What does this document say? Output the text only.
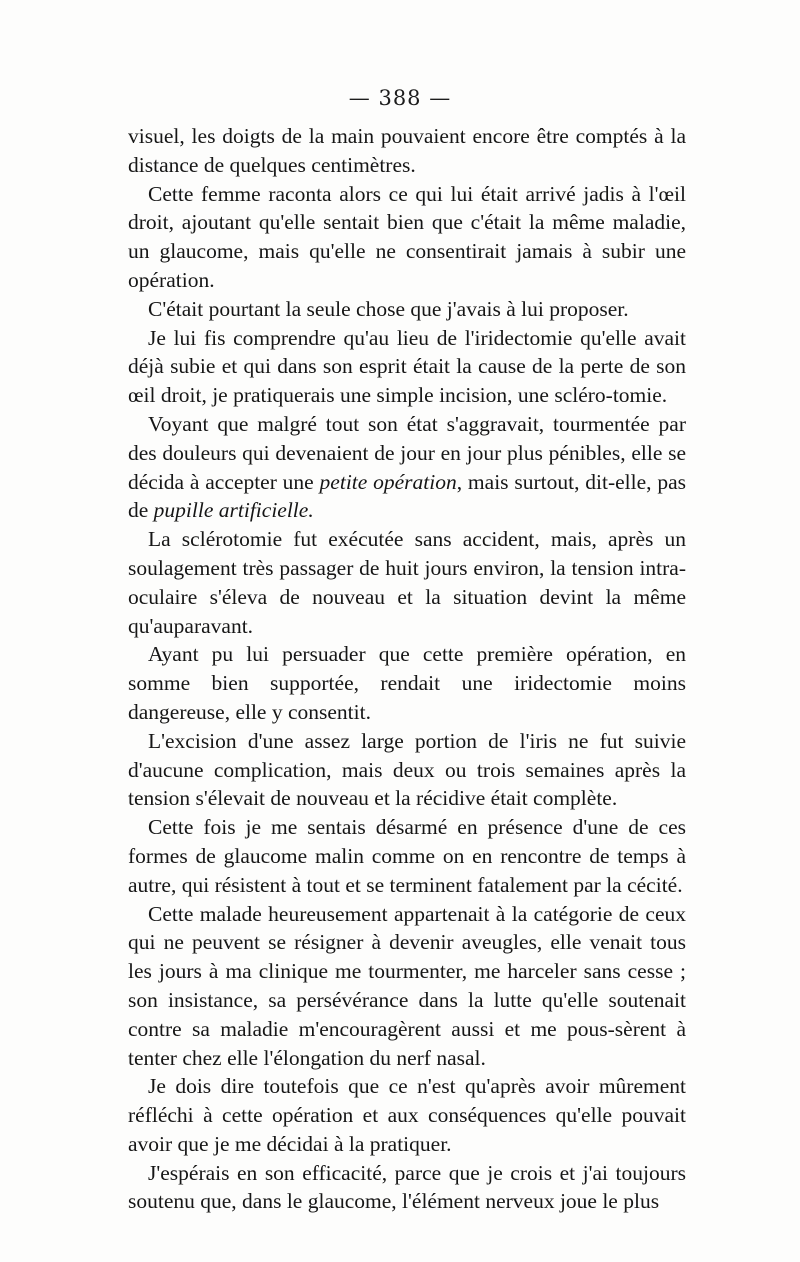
— 388 —

visuel, les doigts de la main pouvaient encore être comptés à la distance de quelques centimètres.

Cette femme raconta alors ce qui lui était arrivé jadis à l'œil droit, ajoutant qu'elle sentait bien que c'était la même maladie, un glaucome, mais qu'elle ne consentirait jamais à subir une opération.

C'était pourtant la seule chose que j'avais à lui proposer.

Je lui fis comprendre qu'au lieu de l'iridectomie qu'elle avait déjà subie et qui dans son esprit était la cause de la perte de son œil droit, je pratiquerais une simple incision, une scléro-tomie.

Voyant que malgré tout son état s'aggravait, tourmentée par des douleurs qui devenaient de jour en jour plus pénibles, elle se décida à accepter une petite opération, mais surtout, dit-elle, pas de pupille artificielle.

La sclérotomie fut exécutée sans accident, mais, après un soulagement très passager de huit jours environ, la tension intra-oculaire s'éleva de nouveau et la situation devint la même qu'auparavant.

Ayant pu lui persuader que cette première opération, en somme bien supportée, rendait une iridectomie moins dangereuse, elle y consentit.

L'excision d'une assez large portion de l'iris ne fut suivie d'aucune complication, mais deux ou trois semaines après la tension s'élevait de nouveau et la récidive était complète.

Cette fois je me sentais désarmé en présence d'une de ces formes de glaucome malin comme on en rencontre de temps à autre, qui résistent à tout et se terminent fatalement par la cécité.

Cette malade heureusement appartenait à la catégorie de ceux qui ne peuvent se résigner à devenir aveugles, elle venait tous les jours à ma clinique me tourmenter, me harceler sans cesse ; son insistance, sa persévérance dans la lutte qu'elle soutenait contre sa maladie m'encouragèrent aussi et me pous-sèrent à tenter chez elle l'élongation du nerf nasal.

Je dois dire toutefois que ce n'est qu'après avoir mûrement réfléchi à cette opération et aux conséquences qu'elle pouvait avoir que je me décidai à la pratiquer.

J'espérais en son efficacité, parce que je crois et j'ai toujours soutenu que, dans le glaucome, l'élément nerveux joue le plus
